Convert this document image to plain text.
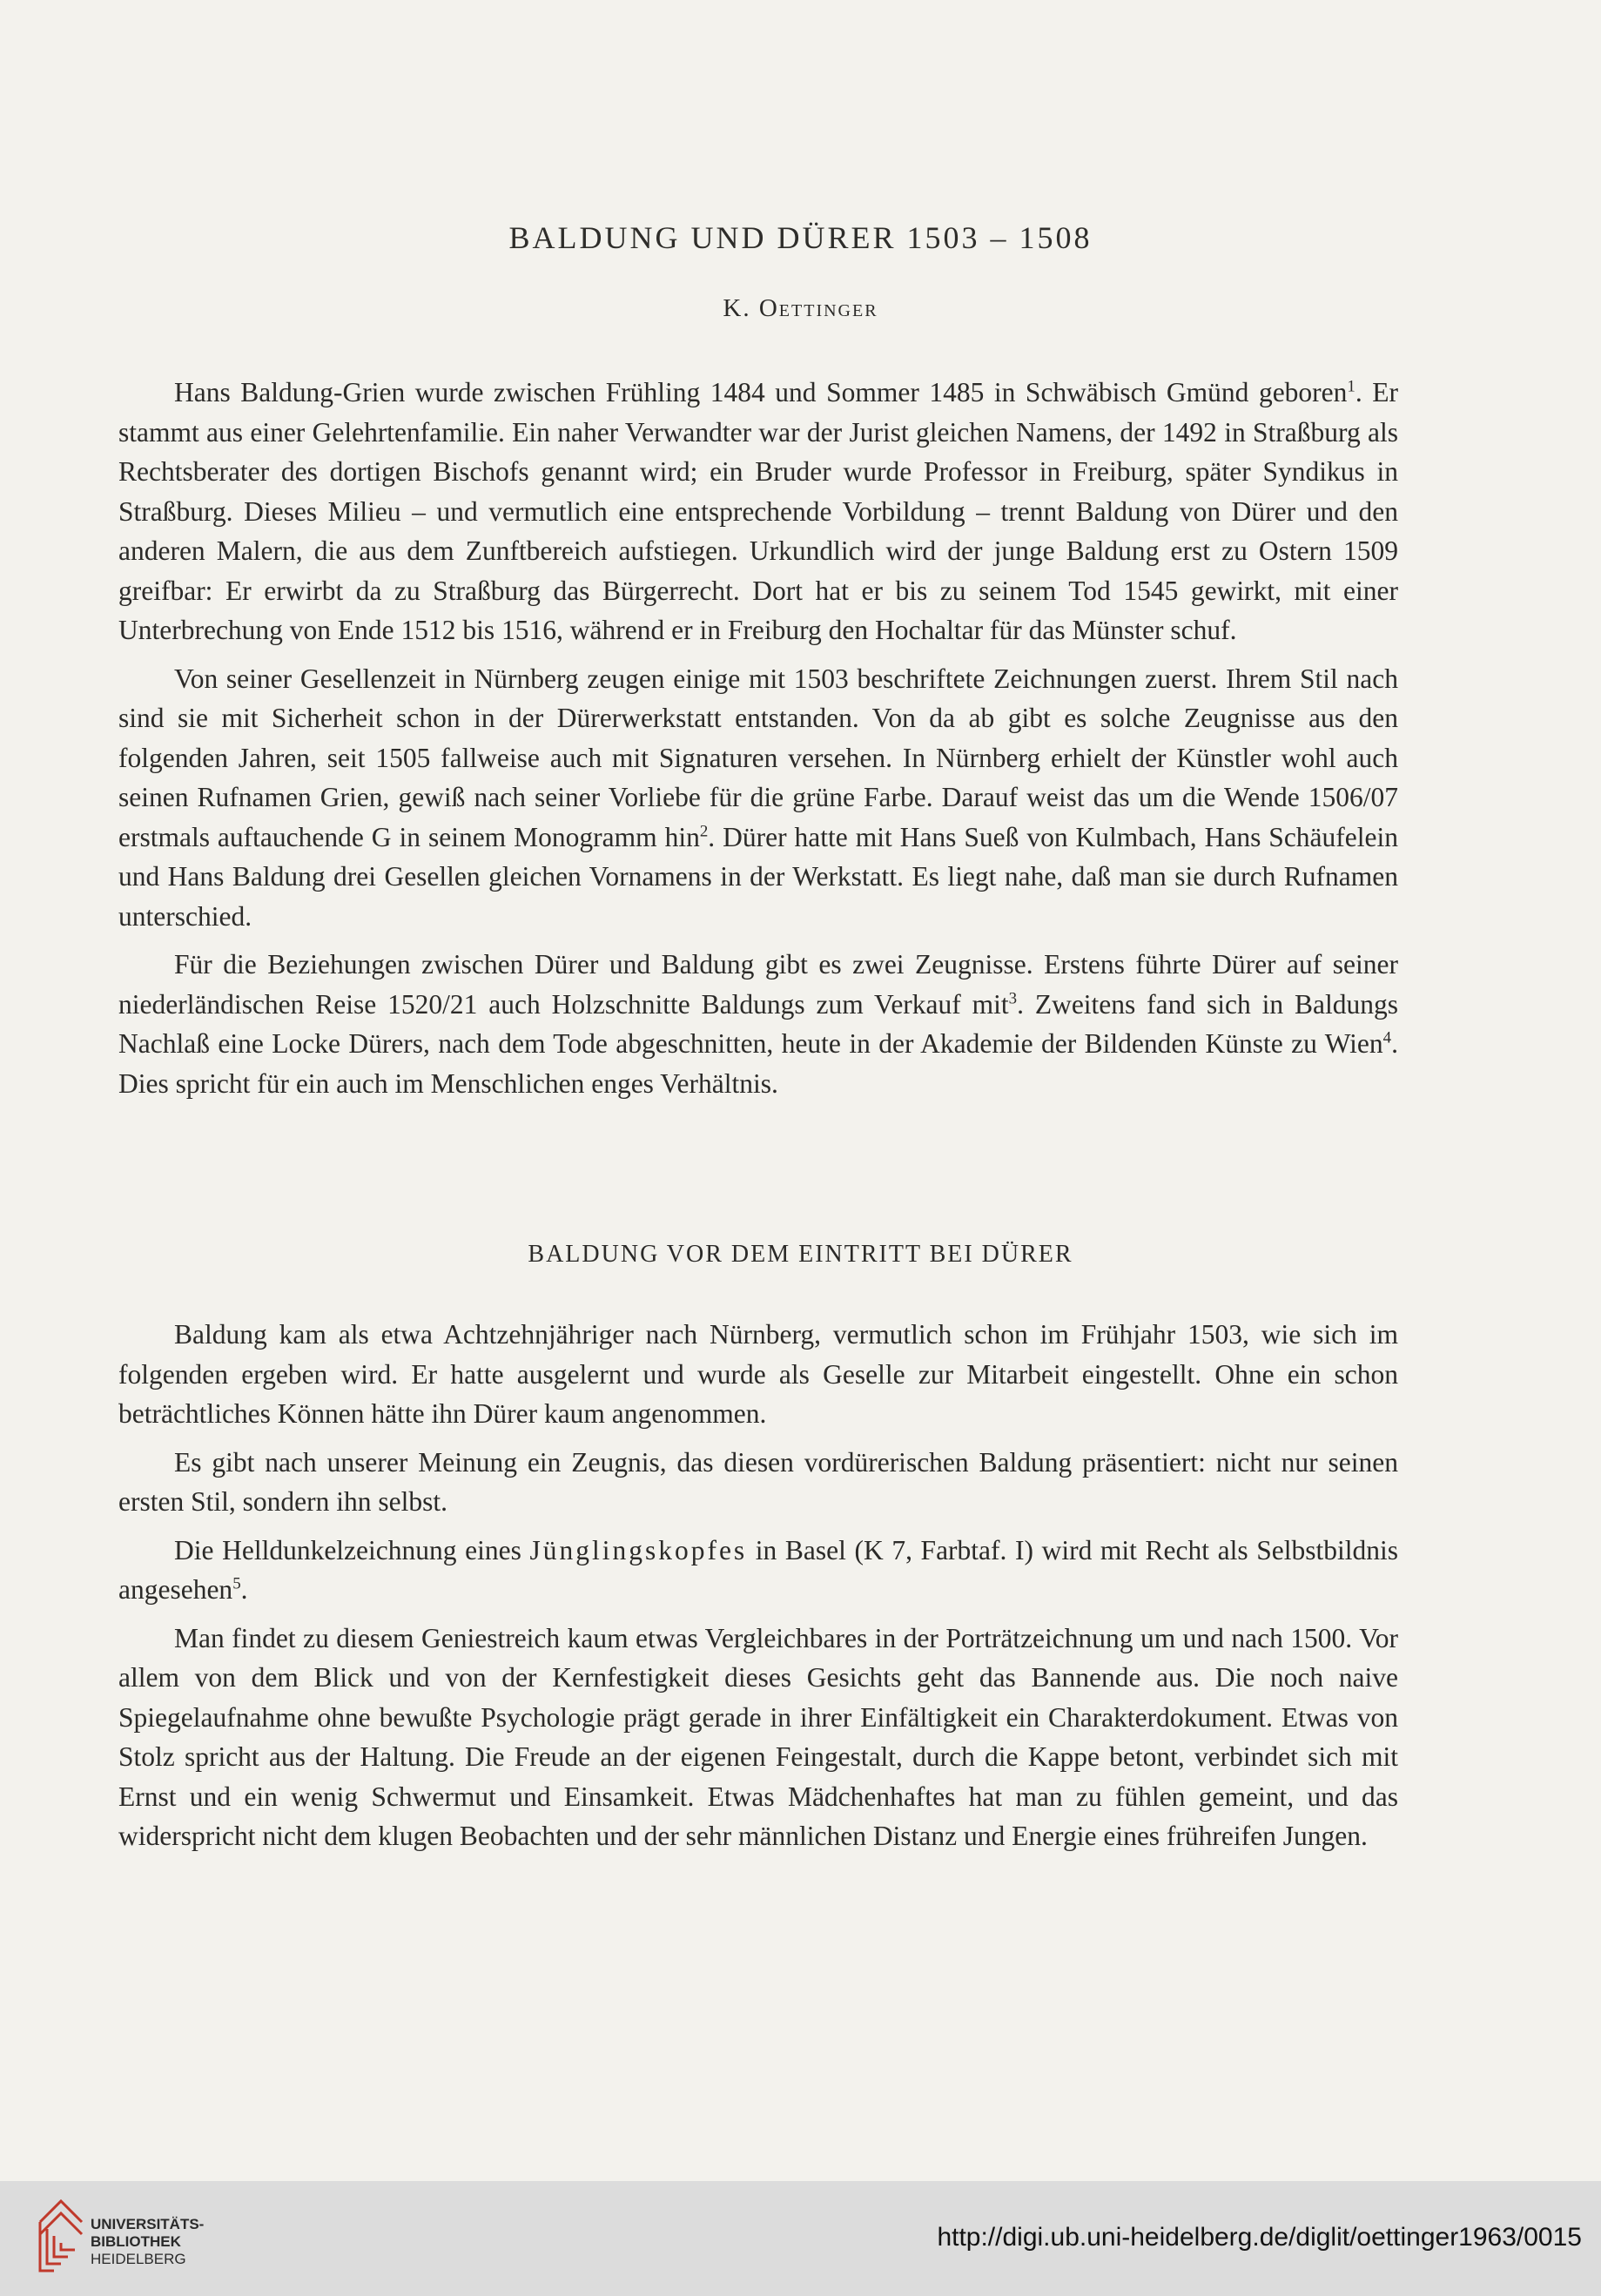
BALDUNG UND DÜRER 1503 – 1508
K. Oettinger

Hans Baldung-Grien wurde zwischen Frühling 1484 und Sommer 1485 in Schwäbisch Gmünd geboren$^1$. Er stammt aus einer Gelehrtenfamilie. Ein naher Verwandter war der Jurist gleichen Namens, der 1492 in Straßburg als Rechtsberater des dortigen Bischofs genannt wird; ein Bruder wurde Professor in Freiburg, später Syndikus in Straßburg. Dieses Milieu – und vermutlich eine entsprechende Vorbildung – trennt Baldung von Dürer und den anderen Malern, die aus dem Zunftbereich aufstiegen. Urkundlich wird der junge Baldung erst zu Ostern 1509 greifbar: Er erwirbt da zu Straßburg das Bürgerrecht. Dort hat er bis zu seinem Tod 1545 gewirkt, mit einer Unterbrechung von Ende 1512 bis 1516, während er in Freiburg den Hochaltar für das Münster schuf.

Von seiner Gesellenzeit in Nürnberg zeugen einige mit 1503 beschriftete Zeichnungen zuerst. Ihrem Stil nach sind sie mit Sicherheit schon in der Dürerwerkstatt entstanden. Von da ab gibt es solche Zeugnisse aus den folgenden Jahren, seit 1505 fallweise auch mit Signaturen versehen. In Nürnberg erhielt der Künstler wohl auch seinen Rufnamen Grien, gewiß nach seiner Vorliebe für die grüne Farbe. Darauf weist das um die Wende 1506/07 erstmals auftauchende G in seinem Monogramm hin$^2$. Dürer hatte mit Hans Sueß von Kulmbach, Hans Schäufelein und Hans Baldung drei Gesellen gleichen Vornamens in der Werkstatt. Es liegt nahe, daß man sie durch Rufnamen unterschied.

Für die Beziehungen zwischen Dürer und Baldung gibt es zwei Zeugnisse. Erstens führte Dürer auf seiner niederländischen Reise 1520/21 auch Holzschnitte Baldungs zum Verkauf mit$^3$. Zweitens fand sich in Baldungs Nachlaß eine Locke Dürers, nach dem Tode abgeschnitten, heute in der Akademie der Bildenden Künste zu Wien$^4$. Dies spricht für ein auch im Menschlichen enges Verhältnis.

BALDUNG VOR DEM EINTRITT BEI DÜRER

Baldung kam als etwa Achtzehnjähriger nach Nürnberg, vermutlich schon im Frühjahr 1503, wie sich im folgenden ergeben wird. Er hatte ausgelernt und wurde als Geselle zur Mitarbeit eingestellt. Ohne ein schon beträchtliches Können hätte ihn Dürer kaum angenommen.

Es gibt nach unserer Meinung ein Zeugnis, das diesen vordürerischen Baldung präsentiert: nicht nur seinen ersten Stil, sondern ihn selbst.

Die Helldunkelzeichnung eines Jünglingskopfes in Basel (K 7, Farbtaf. I) wird mit Recht als Selbstbildnis angesehen$^5$.

Man findet zu diesem Geniestreich kaum etwas Vergleichbares in der Porträtzeichnung um und nach 1500. Vor allem von dem Blick und von der Kernfestigkeit dieses Gesichts geht das Bannende aus. Die noch naive Spiegelaufnahme ohne bewußte Psychologie prägt gerade in ihrer Einfältigkeit ein Charakterdokument. Etwas von Stolz spricht aus der Haltung. Die Freude an der eigenen Feingestalt, durch die Kappe betont, verbindet sich mit Ernst und ein wenig Schwermut und Einsamkeit. Etwas Mädchenhaftes hat man zu fühlen gemeint, und das widerspricht nicht dem klugen Beobachten und der sehr männlichen Distanz und Energie eines frühreifen Jungen.

UNIVERSITÄTS-
BIBLIOTHEK
HEIDELBERG
http://digi.ub.uni-heidelberg.de/diglit/oettinger1963/0015
